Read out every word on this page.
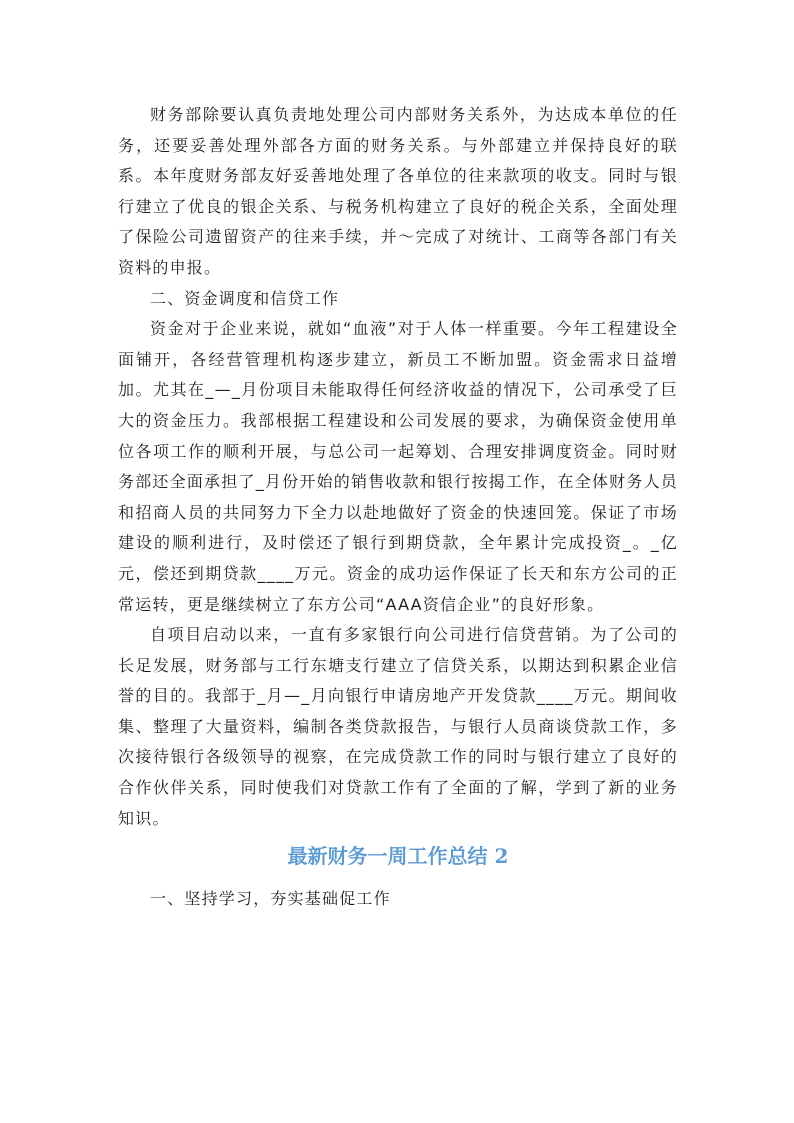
财务部除要认真负责地处理公司内部财务关系外，为达成本单位的任务，还要妥善处理外部各方面的财务关系。与外部建立并保持良好的联系。本年度财务部友好妥善地处理了各单位的往来款项的收支。同时与银行建立了优良的银企关系、与税务机构建立了良好的税企关系，全面处理了保险公司遗留资产的往来手续，并～完成了对统计、工商等各部门有关资料的申报。

二、资金调度和信贷工作

资金对于企业来说，就如“血液”对于人体一样重要。今年工程建设全面铺开，各经营管理机构逐步建立，新员工不断加盟。资金需求日益增加。尤其在_—_月份项目未能取得任何经济收益的情况下，公司承受了巨大的资金压力。我部根据工程建设和公司发展的要求，为确保资金使用单位各项工作的顺利开展，与总公司一起筹划、合理安排调度资金。同时财务部还全面承担了_月份开始的销售收款和银行按揭工作，在全体财务人员和招商人员的共同努力下全力以赴地做好了资金的快速回笼。保证了市场建设的顺利进行，及时偿还了银行到期贷款，全年累计完成投资_。_亿元，偿还到期贷款____万元。资金的成功运作保证了长天和东方公司的正常运转，更是继续树立了东方公司“AAA资信企业”的良好形象。

自项目启动以来，一直有多家银行向公司进行信贷营销。为了公司的长足发展，财务部与工行东塘支行建立了信贷关系，以期达到积累企业信誉的目的。我部于_月—_月向银行申请房地产开发贷款____万元。期间收集、整理了大量资料，编制各类贷款报告，与银行人员商谈贷款工作，多次接待银行各级领导的视察，在完成贷款工作的同时与银行建立了良好的合作伙伴关系，同时使我们对贷款工作有了全面的了解，学到了新的业务知识。

最新财务一周工作总结 2

一、坚持学习，夯实基础促工作
